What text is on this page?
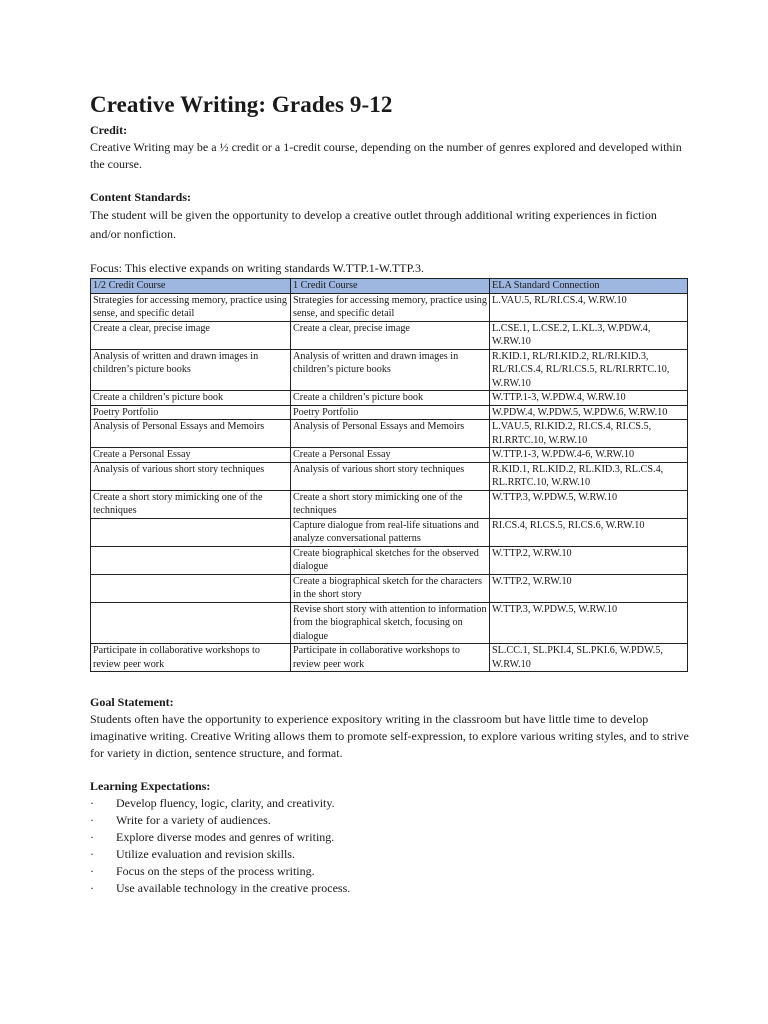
Creative Writing: Grades 9-12

Credit:

Creative Writing may be a ½ credit or a 1-credit course, depending on the number of genres explored and developed within the course.

Content Standards:

The student will be given the opportunity to develop a creative outlet through additional writing experiences in fiction and/or nonfiction.

Focus: This elective expands on writing standards W.TTP.1-W.TTP.3.

1/2 Credit Course	1 Credit Course	ELA Standard Connection
Strategies for accessing memory, practice using sense, and specific detail	Strategies for accessing memory, practice using sense, and specific detail	L.VAU.5, RL/RI.CS.4, W.RW.10
Create a clear, precise image	Create a clear, precise image	L.CSE.1, L.CSE.2, L.KL.3, W.PDW.4, W.RW.10
Analysis of written and drawn images in children’s picture books	Analysis of written and drawn images in children’s picture books	R.KID.1, RL/RI.KID.2, RL/RI.KID.3, RL/RI.CS.4, RL/RI.CS.5, RL/RI.RRTC.10, W.RW.10
Create a children’s picture book	Create a children’s picture book	W.TTP.1-3, W.PDW.4, W.RW.10
Poetry Portfolio	Poetry Portfolio	W.PDW.4, W.PDW.5, W.PDW.6, W.RW.10
Analysis of Personal Essays and Memoirs	Analysis of Personal Essays and Memoirs	L.VAU.5, RI.KID.2, RI.CS.4, RI.CS.5, RI.RRTC.10, W.RW.10
Create a Personal Essay	Create a Personal Essay	W.TTP.1-3, W.PDW.4-6, W.RW.10
Analysis of various short story techniques	Analysis of various short story techniques	R.KID.1, RL.KID.2, RL.KID.3, RL.CS.4, RL.RRTC.10, W.RW.10
Create a short story mimicking one of the techniques	Create a short story mimicking one of the techniques	W.TTP.3, W.PDW.5, W.RW.10
	Capture dialogue from real-life situations and analyze conversational patterns	RI.CS.4, RI.CS.5, RI.CS.6, W.RW.10
	Create biographical sketches for the observed dialogue	W.TTP.2, W.RW.10
	Create a biographical sketch for the characters in the short story	W.TTP.2, W.RW.10
	Revise short story with attention to information from the biographical sketch, focusing on dialogue	W.TTP.3, W.PDW.5, W.RW.10
Participate in collaborative workshops to review peer work	Participate in collaborative workshops to review peer work	SL.CC.1, SL.PKI.4, SL.PKI.6, W.PDW.5, W.RW.10

Goal Statement:

Students often have the opportunity to experience expository writing in the classroom but have little time to develop imaginative writing. Creative Writing allows them to promote self-expression, to explore various writing styles, and to strive for variety in diction, sentence structure, and format.

Learning Expectations:

· Develop fluency, logic, clarity, and creativity.
· Write for a variety of audiences.
· Explore diverse modes and genres of writing.
· Utilize evaluation and revision skills.
· Focus on the steps of the process writing.
· Use available technology in the creative process.
